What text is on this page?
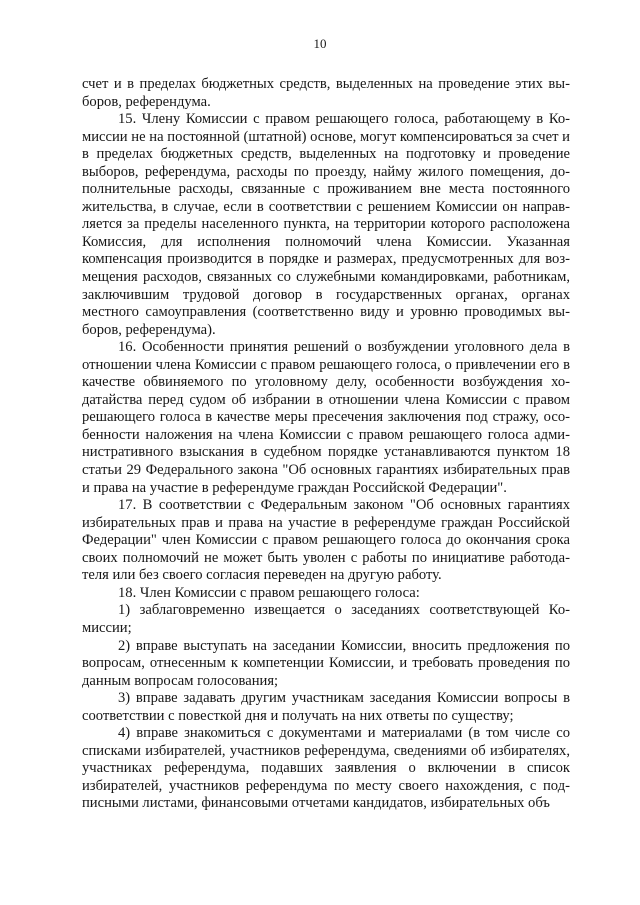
10

счет и в пределах бюджетных средств, выделенных на проведение этих выборов, референдума.

15. Члену Комиссии с правом решающего голоса, работающему в Комиссии не на постоянной (штатной) основе, могут компенсироваться за счет и в пределах бюджетных средств, выделенных на подготовку и проведение выборов, референдума, расходы по проезду, найму жилого помещения, дополнительные расходы, связанные с проживанием вне места постоянного жительства, в случае, если в соответствии с решением Комиссии он направляется за пределы населенного пункта, на территории которого расположена Комиссия, для исполнения полномочий члена Комиссии. Указанная компенсация производится в порядке и размерах, предусмотренных для возмещения расходов, связанных со служебными командировками, работникам, заключившим трудовой договор в государственных органах, органах местного самоуправления (соответственно виду и уровню проводимых выборов, референдума).

16. Особенности принятия решений о возбуждении уголовного дела в отношении члена Комиссии с правом решающего голоса, о привлечении его в качестве обвиняемого по уголовному делу, особенности возбуждения ходатайства перед судом об избрании в отношении члена Комиссии с правом решающего голоса в качестве меры пресечения заключения под стражу, особенности наложения на члена Комиссии с правом решающего голоса административного взыскания в судебном порядке устанавливаются пунктом 18 статьи 29 Федерального закона "Об основных гарантиях избирательных прав и права на участие в референдуме граждан Российской Федерации".

17. В соответствии с Федеральным законом "Об основных гарантиях избирательных прав и права на участие в референдуме граждан Российской Федерации" член Комиссии с правом решающего голоса до окончания срока своих полномочий не может быть уволен с работы по инициативе работодателя или без своего согласия переведен на другую работу.

18. Член Комиссии с правом решающего голоса:

1) заблаговременно извещается о заседаниях соответствующей Комиссии;

2) вправе выступать на заседании Комиссии, вносить предложения по вопросам, отнесенным к компетенции Комиссии, и требовать проведения по данным вопросам голосования;

3) вправе задавать другим участникам заседания Комиссии вопросы в соответствии с повесткой дня и получать на них ответы по существу;

4) вправе знакомиться с документами и материалами (в том числе со списками избирателей, участников референдума, сведениями об избирателях, участниках референдума, подавших заявления о включении в список избирателей, участников референдума по месту своего нахождения, с подписными листами, финансовыми отчетами кандидатов, избирательных объ
